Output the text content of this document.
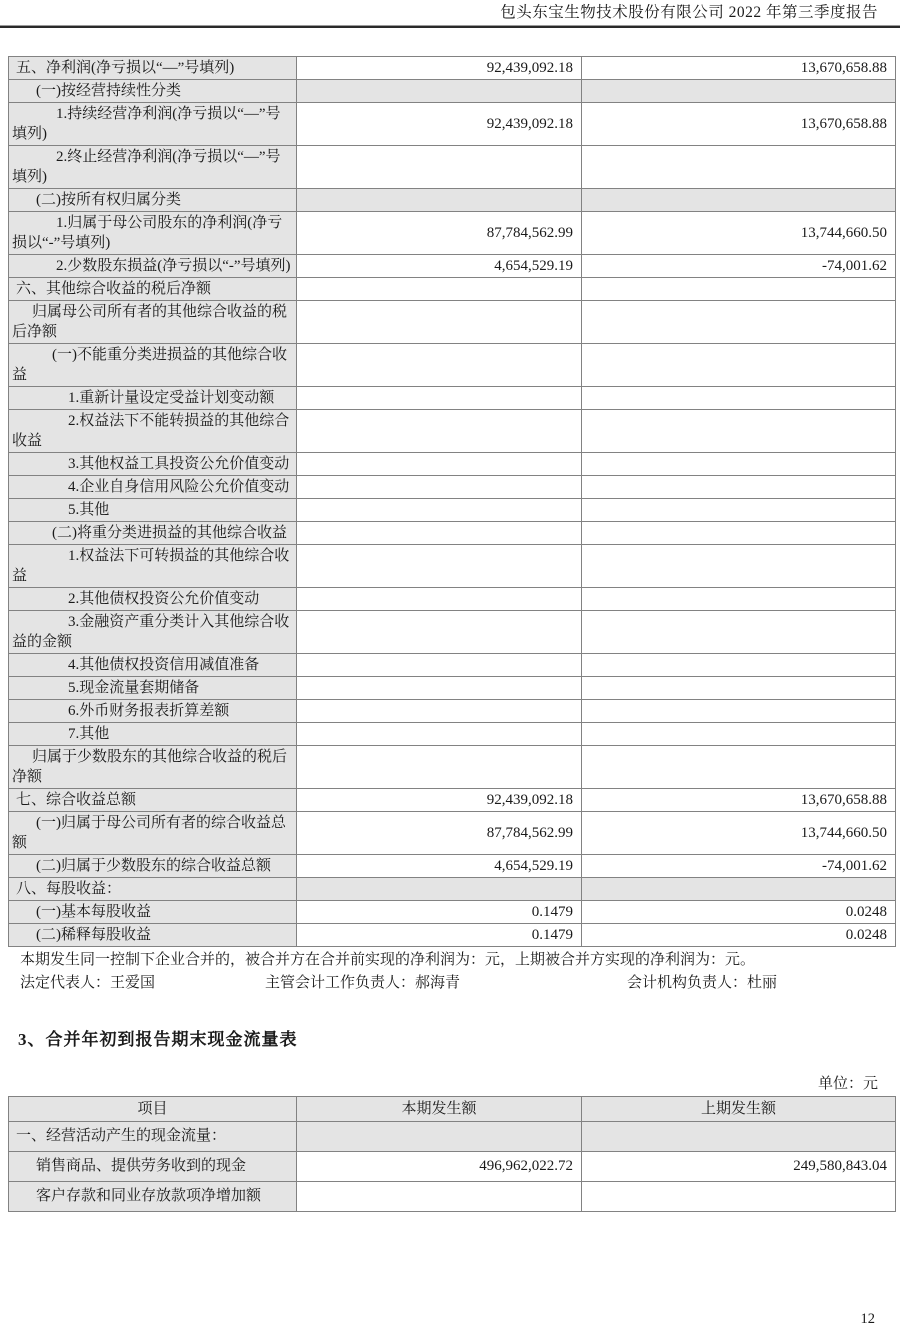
包头东宝生物技术股份有限公司 2022 年第三季度报告
五、净利润(净亏损以“—”号填列)	92,439,092.18	13,670,658.88
(一)按经营持续性分类		
1.持续经营净利润(净亏损以“—”号填列)	92,439,092.18	13,670,658.88
2.终止经营净利润(净亏损以“—”号填列)		
(二)按所有权归属分类		
1.归属于母公司股东的净利润(净亏损以“-”号填列)	87,784,562.99	13,744,660.50
2.少数股东损益(净亏损以“-”号填列)	4,654,529.19	-74,001.62
六、其他综合收益的税后净额		
归属母公司所有者的其他综合收益的税后净额		
(一)不能重分类进损益的其他综合收益		
1.重新计量设定受益计划变动额		
2.权益法下不能转损益的其他综合收益		
3.其他权益工具投资公允价值变动		
4.企业自身信用风险公允价值变动		
5.其他		
(二)将重分类进损益的其他综合收益		
1.权益法下可转损益的其他综合收益		
2.其他债权投资公允价值变动		
3.金融资产重分类计入其他综合收益的金额		
4.其他债权投资信用减值准备		
5.现金流量套期储备		
6.外币财务报表折算差额		
7.其他		
归属于少数股东的其他综合收益的税后净额		
七、综合收益总额	92,439,092.18	13,670,658.88
(一)归属于母公司所有者的综合收益总额	87,784,562.99	13,744,660.50
(二)归属于少数股东的综合收益总额	4,654,529.19	-74,001.62
八、每股收益：		
(一)基本每股收益	0.1479	0.0248
(二)稀释每股收益	0.1479	0.0248
本期发生同一控制下企业合并的，被合并方在合并前实现的净利润为：元，上期被合并方实现的净利润为：元。
法定代表人：王爱国	主管会计工作负责人：郝海青	会计机构负责人：杜丽
3、合并年初到报告期末现金流量表
单位：元
项目	本期发生额	上期发生额
一、经营活动产生的现金流量：		
销售商品、提供劳务收到的现金	496,962,022.72	249,580,843.04
客户存款和同业存放款项净增加额		
12
